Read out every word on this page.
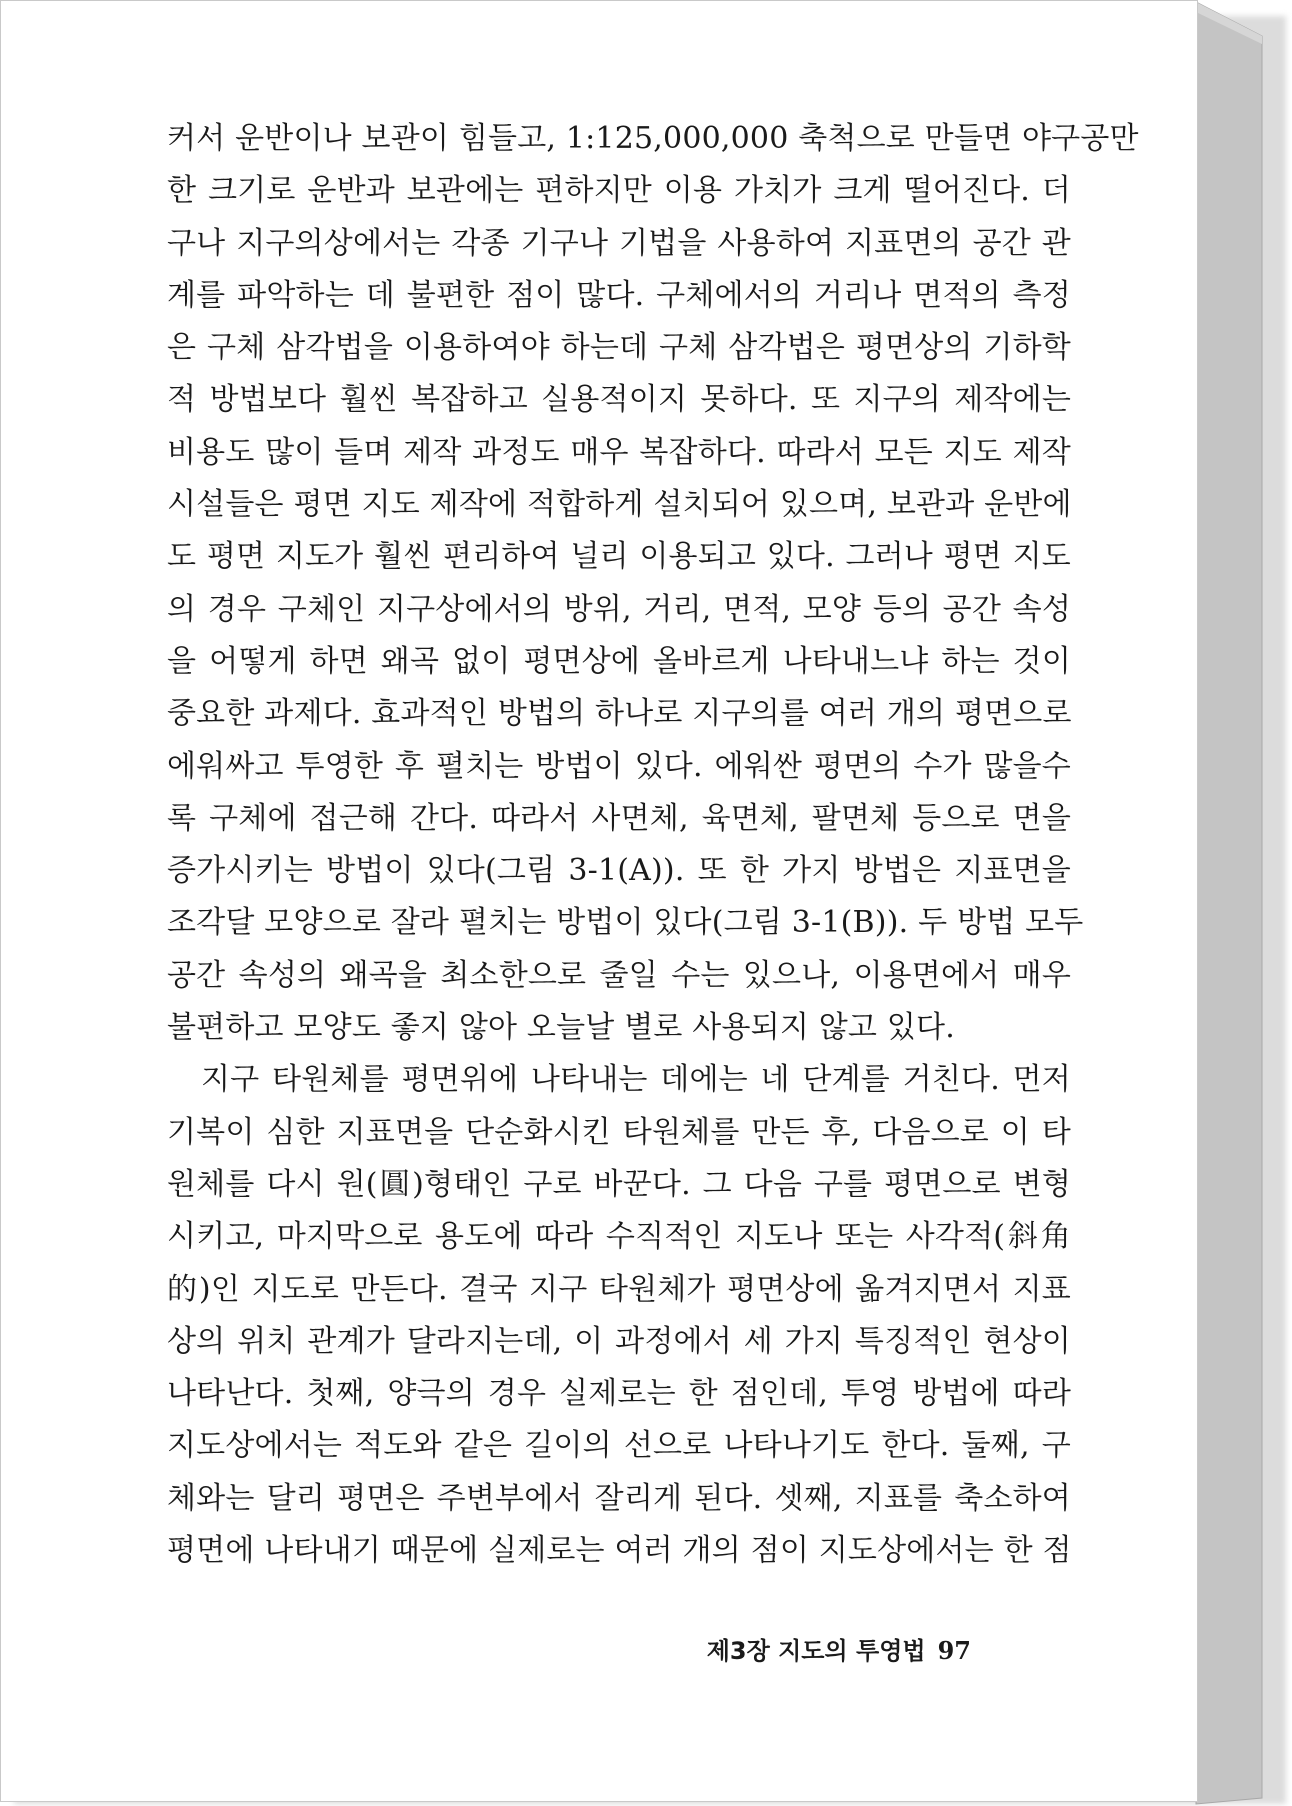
커서 운반이나 보관이 힘들고, 1:125,000,000 축척으로 만들면 야구공만
한 크기로 운반과 보관에는 편하지만 이용 가치가 크게 떨어진다. 더
구나 지구의상에서는 각종 기구나 기법을 사용하여 지표면의 공간 관
계를 파악하는 데 불편한 점이 많다. 구체에서의 거리나 면적의 측정
은 구체 삼각법을 이용하여야 하는데 구체 삼각법은 평면상의 기하학
적 방법보다 훨씬 복잡하고 실용적이지 못하다. 또 지구의 제작에는
비용도 많이 들며 제작 과정도 매우 복잡하다. 따라서 모든 지도 제작
시설들은 평면 지도 제작에 적합하게 설치되어 있으며, 보관과 운반에
도 평면 지도가 훨씬 편리하여 널리 이용되고 있다. 그러나 평면 지도
의 경우 구체인 지구상에서의 방위, 거리, 면적, 모양 등의 공간 속성
을 어떻게 하면 왜곡 없이 평면상에 올바르게 나타내느냐 하는 것이
중요한 과제다. 효과적인 방법의 하나로 지구의를 여러 개의 평면으로
에워싸고 투영한 후 펼치는 방법이 있다. 에워싼 평면의 수가 많을수
록 구체에 접근해 간다. 따라서 사면체, 육면체, 팔면체 등으로 면을
증가시키는 방법이 있다(그림 3-1(A)). 또 한 가지 방법은 지표면을
조각달 모양으로 잘라 펼치는 방법이 있다(그림 3-1(B)). 두 방법 모두
공간 속성의 왜곡을 최소한으로 줄일 수는 있으나, 이용면에서 매우
불편하고 모양도 좋지 않아 오늘날 별로 사용되지 않고 있다.
지구 타원체를 평면위에 나타내는 데에는 네 단계를 거친다. 먼저
기복이 심한 지표면을 단순화시킨 타원체를 만든 후, 다음으로 이 타
원체를 다시 원(圓)형태인 구로 바꾼다. 그 다음 구를 평면으로 변형
시키고, 마지막으로 용도에 따라 수직적인 지도나 또는 사각적(斜角
的)인 지도로 만든다. 결국 지구 타원체가 평면상에 옮겨지면서 지표
상의 위치 관계가 달라지는데, 이 과정에서 세 가지 특징적인 현상이
나타난다. 첫째, 양극의 경우 실제로는 한 점인데, 투영 방법에 따라
지도상에서는 적도와 같은 길이의 선으로 나타나기도 한다. 둘째, 구
체와는 달리 평면은 주변부에서 잘리게 된다. 셋째, 지표를 축소하여
평면에 나타내기 때문에 실제로는 여러 개의 점이 지도상에서는 한 점
제3장 지도의 투영법 97
